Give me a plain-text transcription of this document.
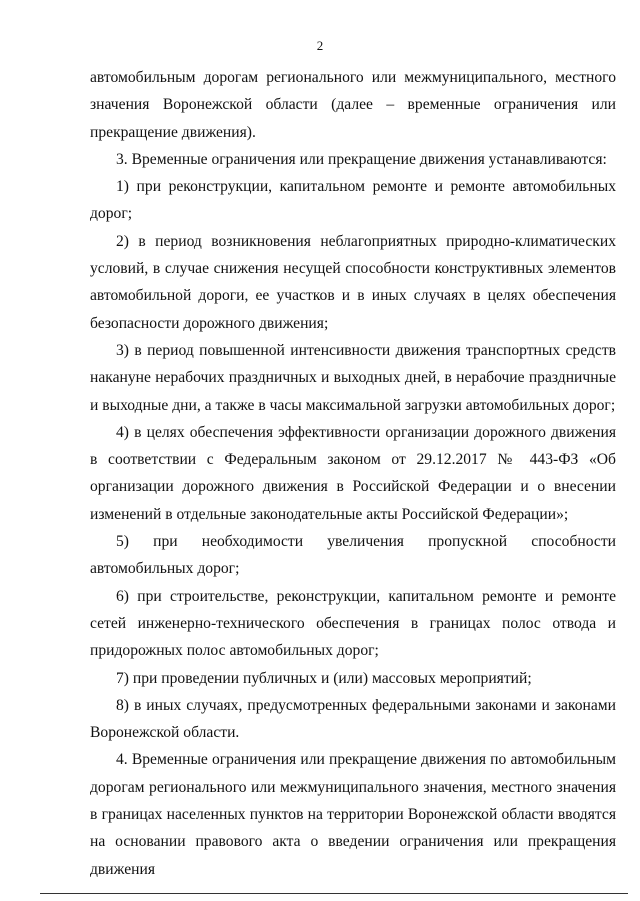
2

автомобильным дорогам регионального или межмуниципального, местного значения Воронежской области (далее – временные ограничения или прекращение движения).

3. Временные ограничения или прекращение движения устанавливаются:

1) при реконструкции, капитальном ремонте и ремонте автомобильных дорог;

2) в период возникновения неблагоприятных природно-климатических условий, в случае снижения несущей способности конструктивных элементов автомобильной дороги, ее участков и в иных случаях в целях обеспечения безопасности дорожного движения;

3) в период повышенной интенсивности движения транспортных средств накануне нерабочих праздничных и выходных дней, в нерабочие праздничные и выходные дни, а также в часы максимальной загрузки автомобильных дорог;

4) в целях обеспечения эффективности организации дорожного движения в соответствии с Федеральным законом от 29.12.2017 № 443-ФЗ «Об организации дорожного движения в Российской Федерации и о внесении изменений в отдельные законодательные акты Российской Федерации»;

5) при необходимости увеличения пропускной способности автомобильных дорог;

6) при строительстве, реконструкции, капитальном ремонте и ремонте сетей инженерно-технического обеспечения в границах полос отвода и придорожных полос автомобильных дорог;

7) при проведении публичных и (или) массовых мероприятий;

8) в иных случаях, предусмотренных федеральными законами и законами Воронежской области.

4. Временные ограничения или прекращение движения по автомобильным дорогам регионального или межмуниципального значения, местного значения в границах населенных пунктов на территории Воронежской области вводятся на основании правового акта о введении ограничения или прекращения движения
